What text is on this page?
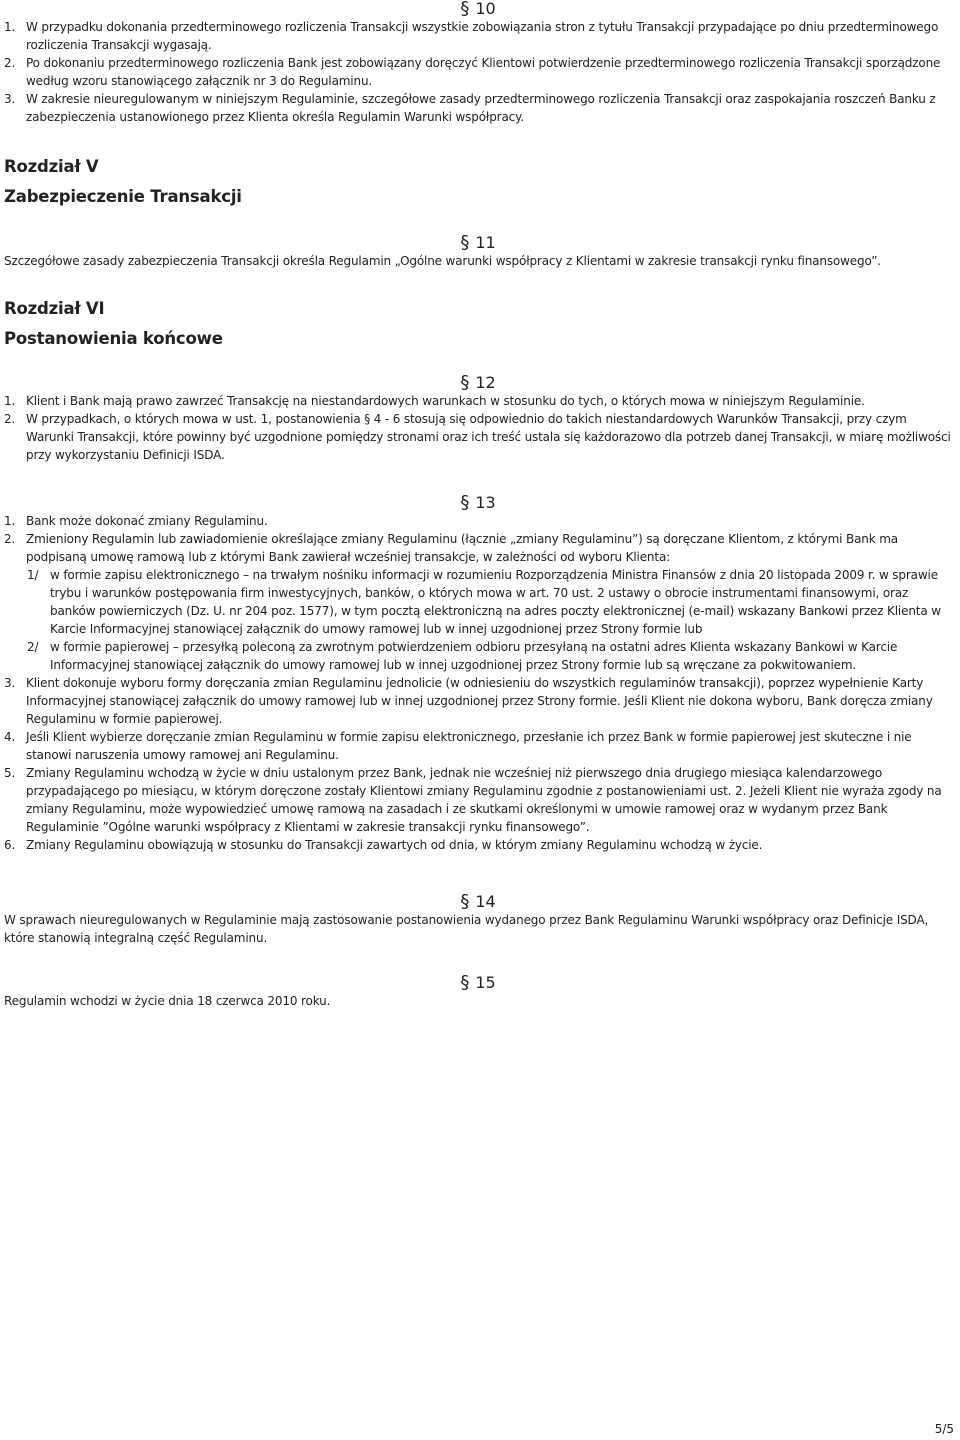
§ 10
1. W przypadku dokonania przedterminowego rozliczenia Transakcji wszystkie zobowiązania stron z tytułu Transakcji przypadające po dniu przedterminowego rozliczenia Transakcji wygasają.
2. Po dokonaniu przedterminowego rozliczenia Bank jest zobowiązany doręczyć Klientowi potwierdzenie przedterminowego rozliczenia Transakcji sporządzone według wzoru stanowiącego załącznik nr 3 do Regulaminu.
3. W zakresie nieuregulowanym w niniejszym Regulaminie, szczegółowe zasady przedterminowego rozliczenia Transakcji oraz zaspokajania roszczeń Banku z zabezpieczenia ustanowionego przez Klienta określa Regulamin Warunki współpracy.

Rozdział V

Zabezpieczenie Transakcji

§ 11

Szczegółowe zasady zabezpieczenia Transakcji określa Regulamin „Ogólne warunki współpracy z Klientami w zakresie transakcji rynku finansowego”.

Rozdział VI

Postanowienia końcowe

§ 12
1. Klient i Bank mają prawo zawrzeć Transakcję na niestandardowych warunkach w stosunku do tych, o których mowa w niniejszym Regulaminie.
2. W przypadkach, o których mowa w ust. 1, postanowienia § 4 - 6 stosują się odpowiednio do takich niestandardowych Warunków Transakcji, przy czym Warunki Transakcji, które powinny być uzgodnione pomiędzy stronami oraz ich treść ustala się każdorazowo dla potrzeb danej Transakcji, w miarę możliwości przy wykorzystaniu Definicji ISDA.
§ 13
1. Bank może dokonać zmiany Regulaminu.
2. Zmieniony Regulamin lub zawiadomienie określające zmiany Regulaminu (łącznie „zmiany Regulaminu”) są doręczane Klientom, z którymi Bank ma podpisaną umowę ramową lub z którymi Bank zawierał wcześniej transakcje, w zależności od wyboru Klienta:
1/ w formie zapisu elektronicznego – na trwałym nośniku informacji w rozumieniu Rozporządzenia Ministra Finansów z dnia 20 listopada 2009 r. w sprawie trybu i warunków postępowania firm inwestycyjnych, banków, o których mowa w art. 70 ust. 2 ustawy o obrocie instrumentami finansowymi, oraz banków powierniczych (Dz. U. nr 204 poz. 1577), w tym pocztą elektroniczną na adres poczty elektronicznej (e-mail) wskazany Bankowi przez Klienta w Karcie Informacyjnej stanowiącej załącznik do umowy ramowej lub w innej uzgodnionej przez Strony formie lub
2/ w formie papierowej – przesyłką poleconą za zwrotnym potwierdzeniem odbioru przesyłaną na ostatni adres Klienta wskazany Bankowi w Karcie Informacyjnej stanowiącej załącznik do umowy ramowej lub w innej uzgodnionej przez Strony formie lub są wręczane za pokwitowaniem.
3. Klient dokonuje wyboru formy doręczania zmian Regulaminu jednolicie (w odniesieniu do wszystkich regulaminów transakcji), poprzez wypełnienie Karty Informacyjnej stanowiącej załącznik do umowy ramowej lub w innej uzgodnionej przez Strony formie. Jeśli Klient nie dokona wyboru, Bank doręcza zmiany Regulaminu w formie papierowej.
4. Jeśli Klient wybierze doręczanie zmian Regulaminu w formie zapisu elektronicznego, przesłanie ich przez Bank w formie papierowej jest skuteczne i nie stanowi naruszenia umowy ramowej ani Regulaminu.
5. Zmiany Regulaminu wchodzą w życie w dniu ustalonym przez Bank, jednak nie wcześniej niż pierwszego dnia drugiego miesiąca kalendarzowego przypadającego po miesiącu, w którym doręczone zostały Klientowi zmiany Regulaminu zgodnie z postanowieniami ust. 2. Jeżeli Klient nie wyraża zgody na zmiany Regulaminu, może wypowiedzieć umowę ramową na zasadach i ze skutkami określonymi w umowie ramowej oraz w wydanym przez Bank Regulaminie ”Ogólne warunki współpracy z Klientami w zakresie transakcji rynku finansowego”.
6. Zmiany Regulaminu obowiązują w stosunku do Transakcji zawartych od dnia, w którym zmiany Regulaminu wchodzą w życie.
§ 14

W sprawach nieuregulowanych w Regulaminie mają zastosowanie postanowienia wydanego przez Bank Regulaminu Warunki współpracy oraz Definicje ISDA, które stanowią integralną część Regulaminu.

§ 15

Regulamin wchodzi w życie dnia 18 czerwca 2010 roku.

5/5
